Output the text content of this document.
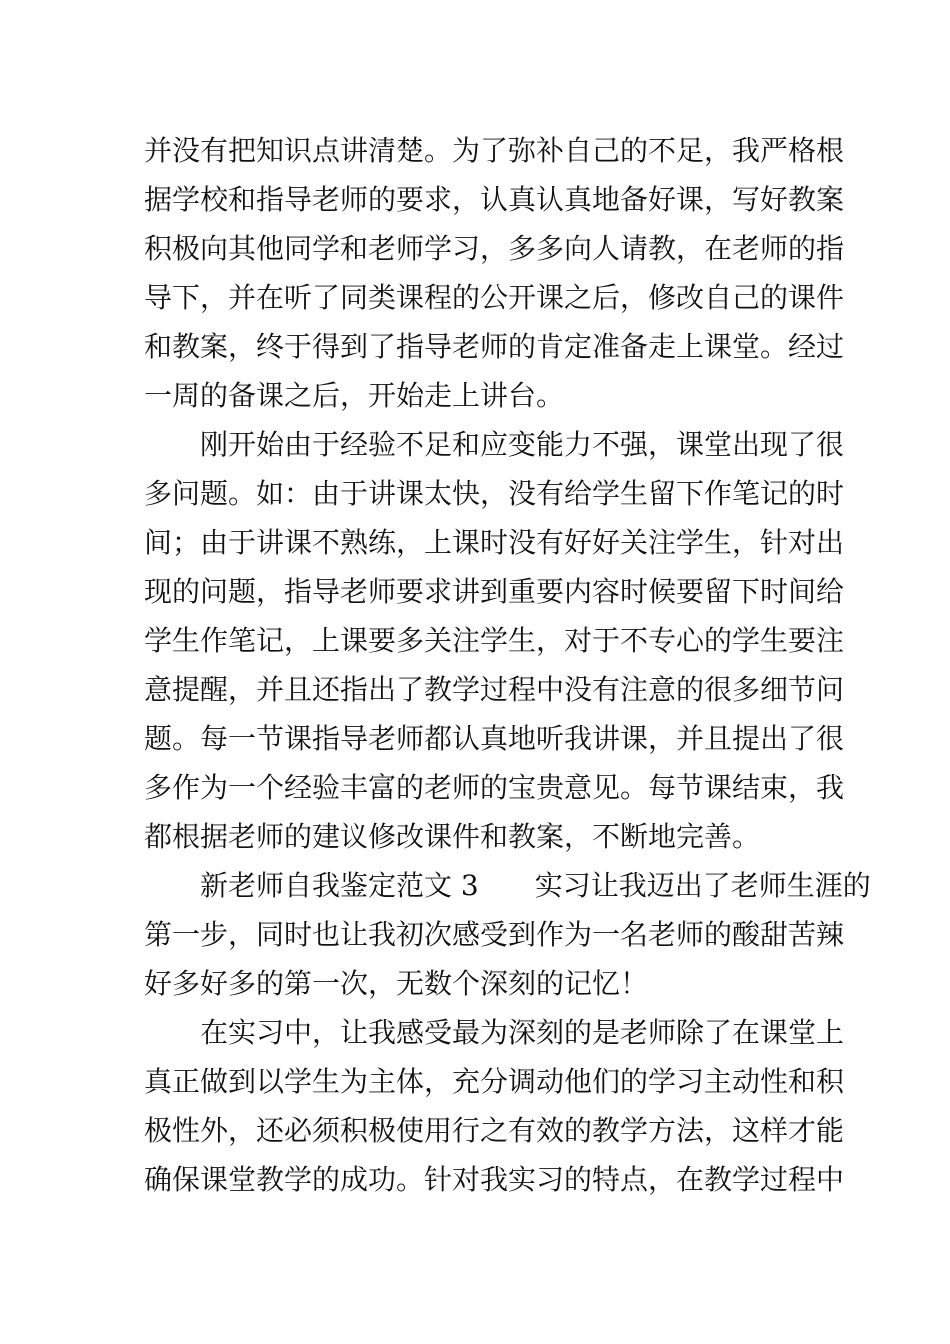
并没有把知识点讲清楚。为了弥补自己的不足，我严格根
据学校和指导老师的要求，认真认真地备好课，写好教案
积极向其他同学和老师学习，多多向人请教，在老师的指
导下，并在听了同类课程的公开课之后，修改自己的课件
和教案，终于得到了指导老师的肯定准备走上课堂。经过
一周的备课之后，开始走上讲台。
刚开始由于经验不足和应变能力不强，课堂出现了很
多问题。如：由于讲课太快，没有给学生留下作笔记的时
间；由于讲课不熟练，上课时没有好好关注学生，针对出
现的问题，指导老师要求讲到重要内容时候要留下时间给
学生作笔记，上课要多关注学生，对于不专心的学生要注
意提醒，并且还指出了教学过程中没有注意的很多细节问
题。每一节课指导老师都认真地听我讲课，并且提出了很
多作为一个经验丰富的老师的宝贵意见。每节课结束，我
都根据老师的建议修改课件和教案，不断地完善。
新老师自我鉴定范文 3　　实习让我迈出了老师生涯的
第一步，同时也让我初次感受到作为一名老师的酸甜苦辣
好多好多的第一次，无数个深刻的记忆！
在实习中，让我感受最为深刻的是老师除了在课堂上
真正做到以学生为主体，充分调动他们的学习主动性和积
极性外，还必须积极使用行之有效的教学方法，这样才能
确保课堂教学的成功。针对我实习的特点，在教学过程中
